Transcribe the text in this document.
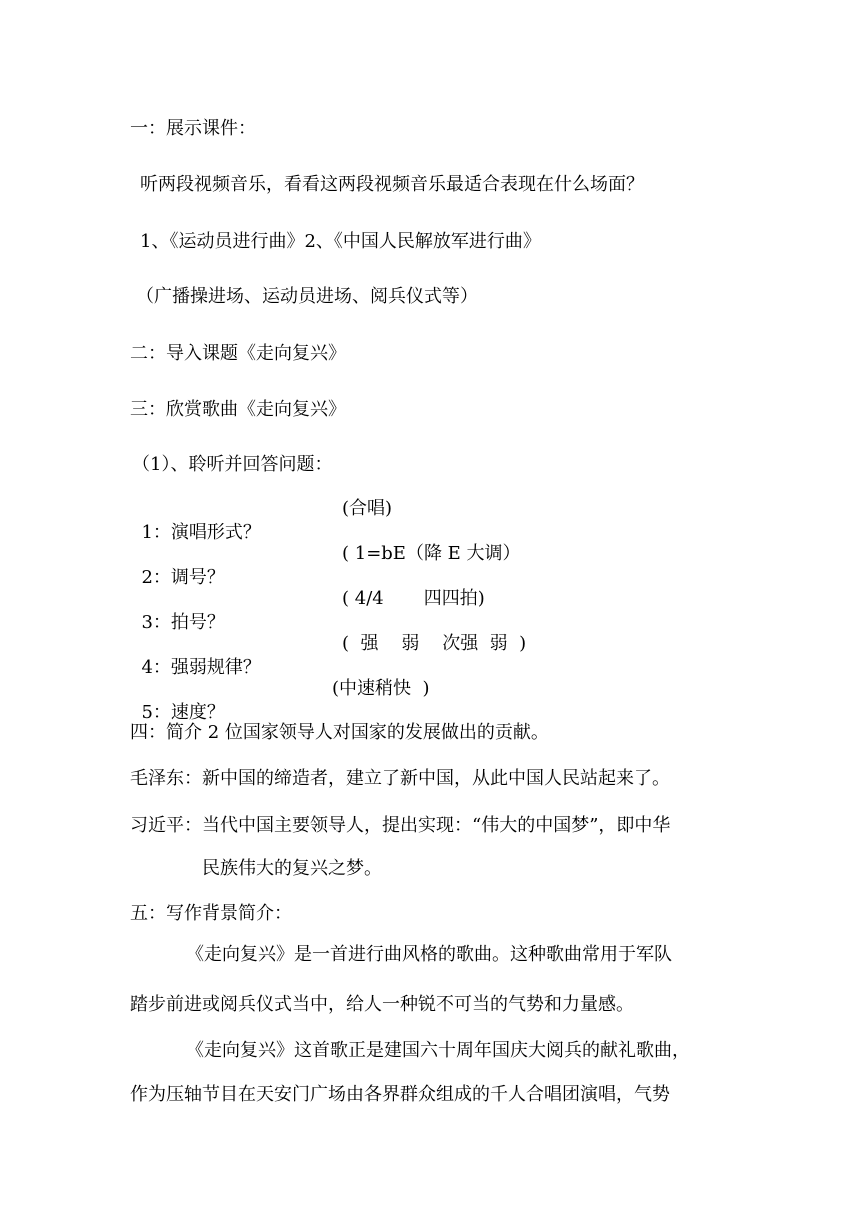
一：展示课件：
听两段视频音乐，看看这两段视频音乐最适合表现在什么场面？
1、《运动员进行曲》2、《中国人民解放军进行曲》
（广播操进场、运动员进场、阅兵仪式等）
二：导入课题《走向复兴》
三：欣赏歌曲《走向复兴》
（1）、聆听并回答问题：

1：演唱形式？

(合唱)

2：调号？

( 1=bE（降 E 大调）

3：拍号？

( 4/4       四四拍)

4：强弱规律？

(  强    弱    次强  弱  )

5：速度？

(中速稍快  )

四：简介 2 位国家领导人对国家的发展做出的贡献。
毛泽东：新中国的缔造者，建立了新中国，从此中国人民站起来了。
习近平：当代中国主要领导人，提出实现：“伟大的中国梦”，即中华
民族伟大的复兴之梦。
五：写作背景简介：
《走向复兴》是一首进行曲风格的歌曲。这种歌曲常用于军队
踏步前进或阅兵仪式当中，给人一种锐不可当的气势和力量感。
《走向复兴》这首歌正是建国六十周年国庆大阅兵的献礼歌曲，
作为压轴节目在天安门广场由各界群众组成的千人合唱团演唱，气势
